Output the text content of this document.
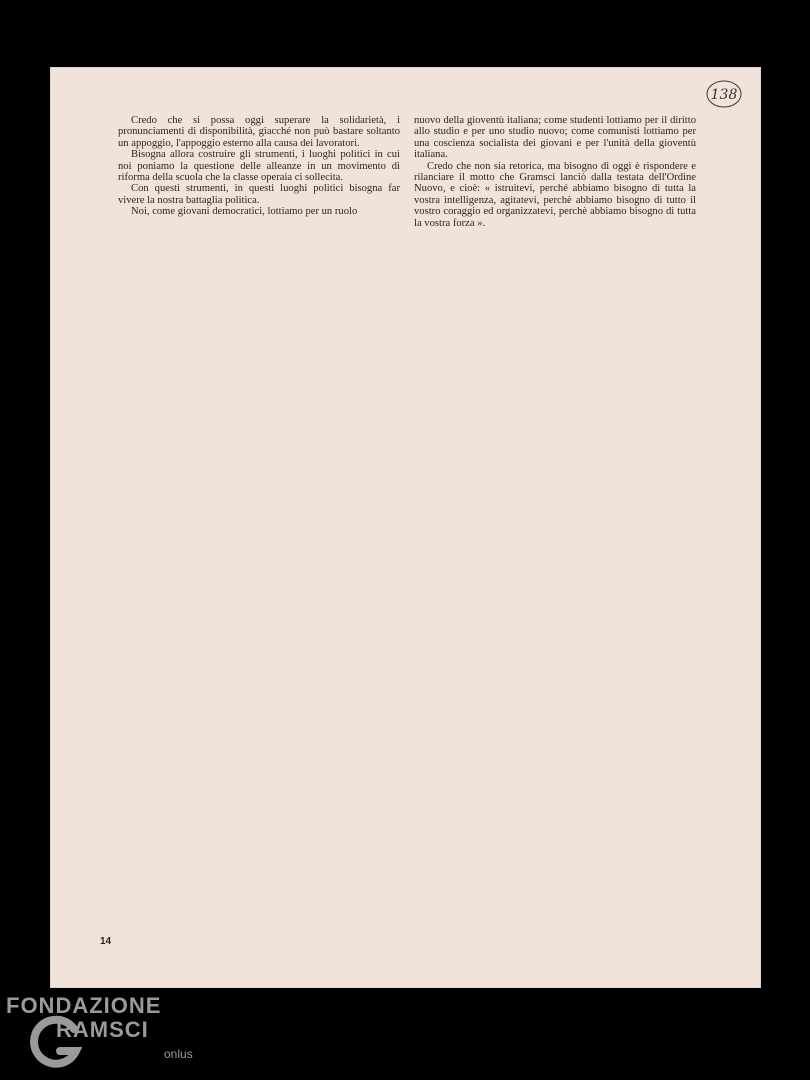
138

Credo che si possa oggi superare la solidarietà, i pronunciamenti di disponibilità, giacché non può bastare soltanto un appoggio, l'appoggio esterno alla causa dei lavoratori.

Bisogna allora costruire gli strumenti, i luoghi politici in cui noi poniamo la questione delle alleanze in un movimento di riforma della scuola che la classe operaia ci sollecita.

Con questi strumenti, in questi luoghi politici bisogna far vivere la nostra battaglia politica.

Noi, come giovani democratici, lottiamo per un ruolo

nuovo della gioventù italiana; come studenti lottiamo per il diritto allo studio e per uno studio nuovo; come comunisti lottiamo per una coscienza socialista dei giovani e per l'unità della gioventù italiana.

Credo che non sia retorica, ma bisogno di oggi è rispondere e rilanciare il motto che Gramsci lanciò dalla testata dell'Ordine Nuovo, e cioè: « istruitevi, perché abbiamo bisogno di tutta la vostra intelligenza, agitatevi, perchè abbiamo bisogno di tutto il vostro coraggio ed organizzatevi, perchè abbiamo bisogno di tutta la vostra forza ».

14
FONDAZIONE
RAMSCI
onlus
